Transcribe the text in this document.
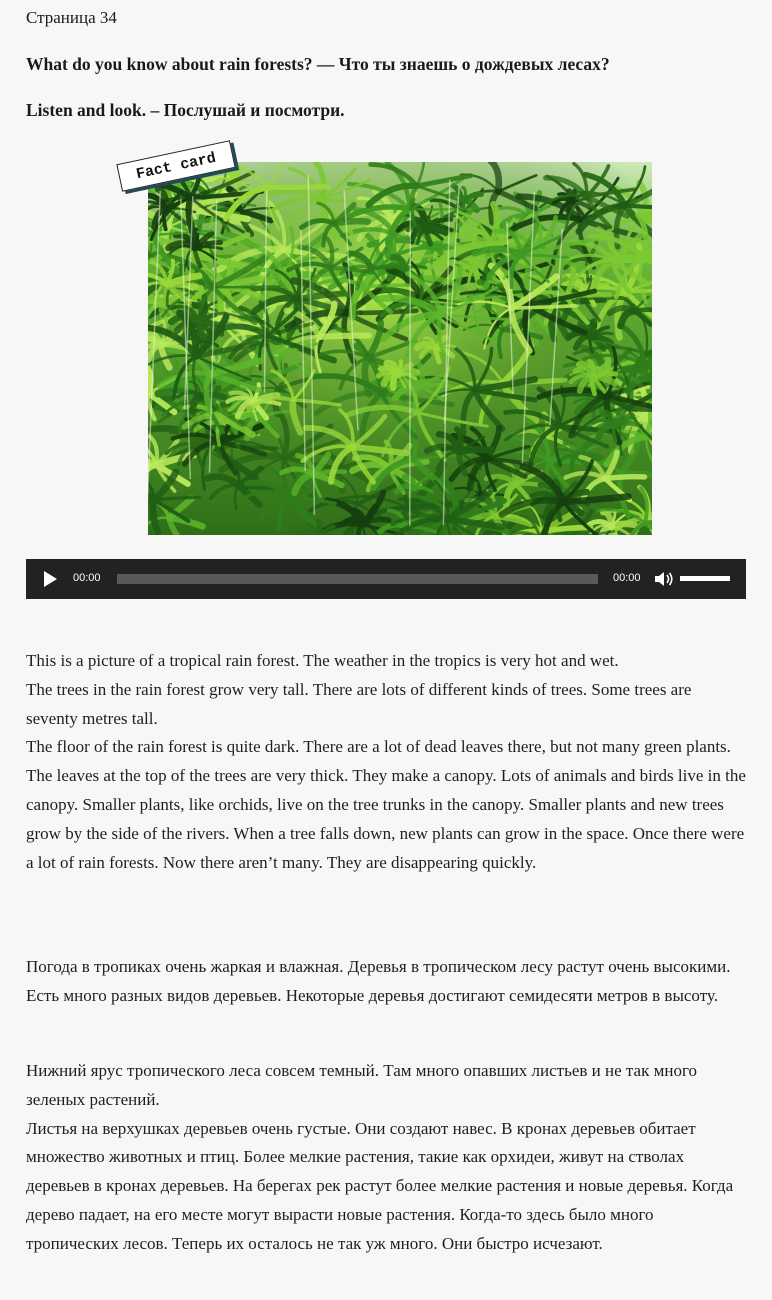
Страница 34
What do you know about rain forests? — Что ты знаешь о дождевых лесах?
Listen and look. – Послушай и посмотри.
Fact card
00:00	00:00
This is a picture of a tropical rain forest. The weather in the tropics is very hot and wet.
The trees in the rain forest grow very tall. There are lots of different kinds of trees. Some trees are seventy metres tall.
The floor of the rain forest is quite dark. There are a lot of dead leaves there, but not many green plants.
The leaves at the top of the trees are very thick. They make a canopy. Lots of animals and birds live in the canopy. Smaller plants, like orchids, live on the tree trunks in the canopy. Smaller plants and new trees grow by the side of the rivers. When a tree falls down, new plants can grow in the space. Once there were a lot of rain forests. Now there aren’t many. They are disappearing quickly.
Погода в тропиках очень жаркая и влажная. Деревья в тропическом лесу растут очень высокими. Есть много разных видов деревьев. Некоторые деревья достигают семидесяти метров в высоту.
Нижний ярус тропического леса совсем темный. Там много опавших листьев и не так много зеленых растений.
Листья на верхушках деревьев очень густые. Они создают навес. В кронах деревьев обитает множество животных и птиц. Более мелкие растения, такие как орхидеи, живут на стволах деревьев в кронах деревьев. На берегах рек растут более мелкие растения и новые деревья. Когда дерево падает, на его месте могут вырасти новые растения. Когда-то здесь было много тропических лесов. Теперь их осталось не так уж много. Они быстро исчезают.
